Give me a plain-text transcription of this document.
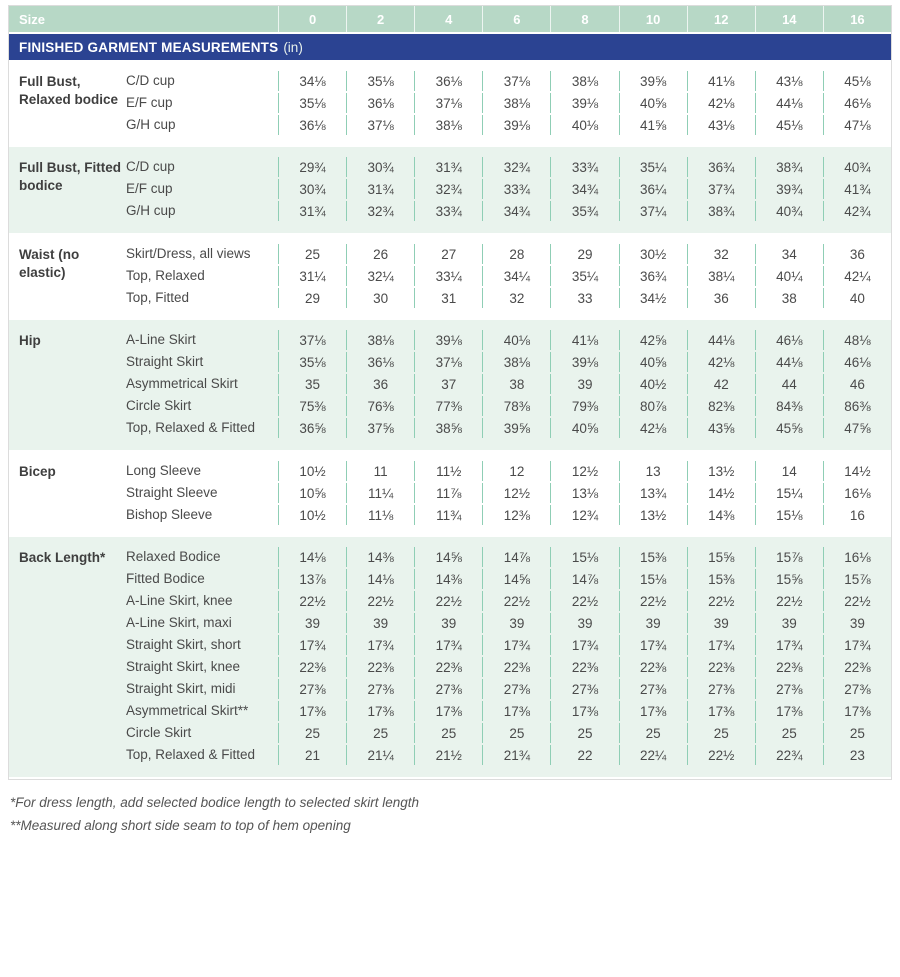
Size	0	2	4	6	8	10	12	14	16
FINISHED GARMENT MEASUREMENTS (in)
Full Bust, Relaxed bodice
C/D cup	34⅛	35⅛	36⅛	37⅛	38⅛	39⅝	41⅛	43⅛	45⅛
E/F cup	35⅛	36⅛	37⅛	38⅛	39⅛	40⅝	42⅛	44⅛	46⅛
G/H cup	36⅛	37⅛	38⅛	39⅛	40⅛	41⅝	43⅛	45⅛	47⅛
Full Bust, Fitted bodice
C/D cup	29¾	30¾	31¾	32¾	33¾	35¼	36¾	38¾	40¾
E/F cup	30¾	31¾	32¾	33¾	34¾	36¼	37¾	39¾	41¾
G/H cup	31¾	32¾	33¾	34¾	35¾	37¼	38¾	40¾	42¾
Waist (no elastic)
Skirt/Dress, all views	25	26	27	28	29	30½	32	34	36
Top, Relaxed	31¼	32¼	33¼	34¼	35¼	36¾	38¼	40¼	42¼
Top, Fitted	29	30	31	32	33	34½	36	38	40
Hip	A-Line Skirt	37⅛	38⅛	39⅛	40⅛	41⅛	42⅝	44⅛	46⅛	48⅛
Straight Skirt	35⅛	36⅛	37⅛	38⅛	39⅛	40⅝	42⅛	44⅛	46⅛
Asymmetrical Skirt	35	36	37	38	39	40½	42	44	46
Circle Skirt	75⅜	76⅜	77⅜	78⅜	79⅜	80⅞	82⅜	84⅜	86⅜
Top, Relaxed & Fitted	36⅝	37⅝	38⅝	39⅝	40⅝	42⅛	43⅝	45⅝	47⅝
Bicep	Long Sleeve	10½	11	11½	12	12½	13	13½	14	14½
Straight Sleeve	10⅝	11¼	11⅞	12½	13⅛	13¾	14½	15¼	16⅛
Bishop Sleeve	10½	11⅛	11¾	12⅜	12¾	13½	14⅜	15⅛	16
Back Length*	Relaxed Bodice	14⅛	14⅜	14⅝	14⅞	15⅛	15⅜	15⅝	15⅞	16⅛
Fitted Bodice	13⅞	14⅛	14⅜	14⅝	14⅞	15⅛	15⅜	15⅝	15⅞
A-Line Skirt, knee	22½	22½	22½	22½	22½	22½	22½	22½	22½
A-Line Skirt, maxi	39	39	39	39	39	39	39	39	39
Straight Skirt, short	17¾	17¾	17¾	17¾	17¾	17¾	17¾	17¾	17¾
Straight Skirt, knee	22⅜	22⅜	22⅜	22⅜	22⅜	22⅜	22⅜	22⅜	22⅜
Straight Skirt, midi	27⅜	27⅜	27⅜	27⅜	27⅜	27⅜	27⅜	27⅜	27⅜
Asymmetrical Skirt**	17⅜	17⅜	17⅜	17⅜	17⅜	17⅜	17⅜	17⅜	17⅜
Circle Skirt	25	25	25	25	25	25	25	25	25
Top, Relaxed & Fitted	21	21¼	21½	21¾	22	22¼	22½	22¾	23
*For dress length, add selected bodice length to selected skirt length
**Measured along short side seam to top of hem opening
